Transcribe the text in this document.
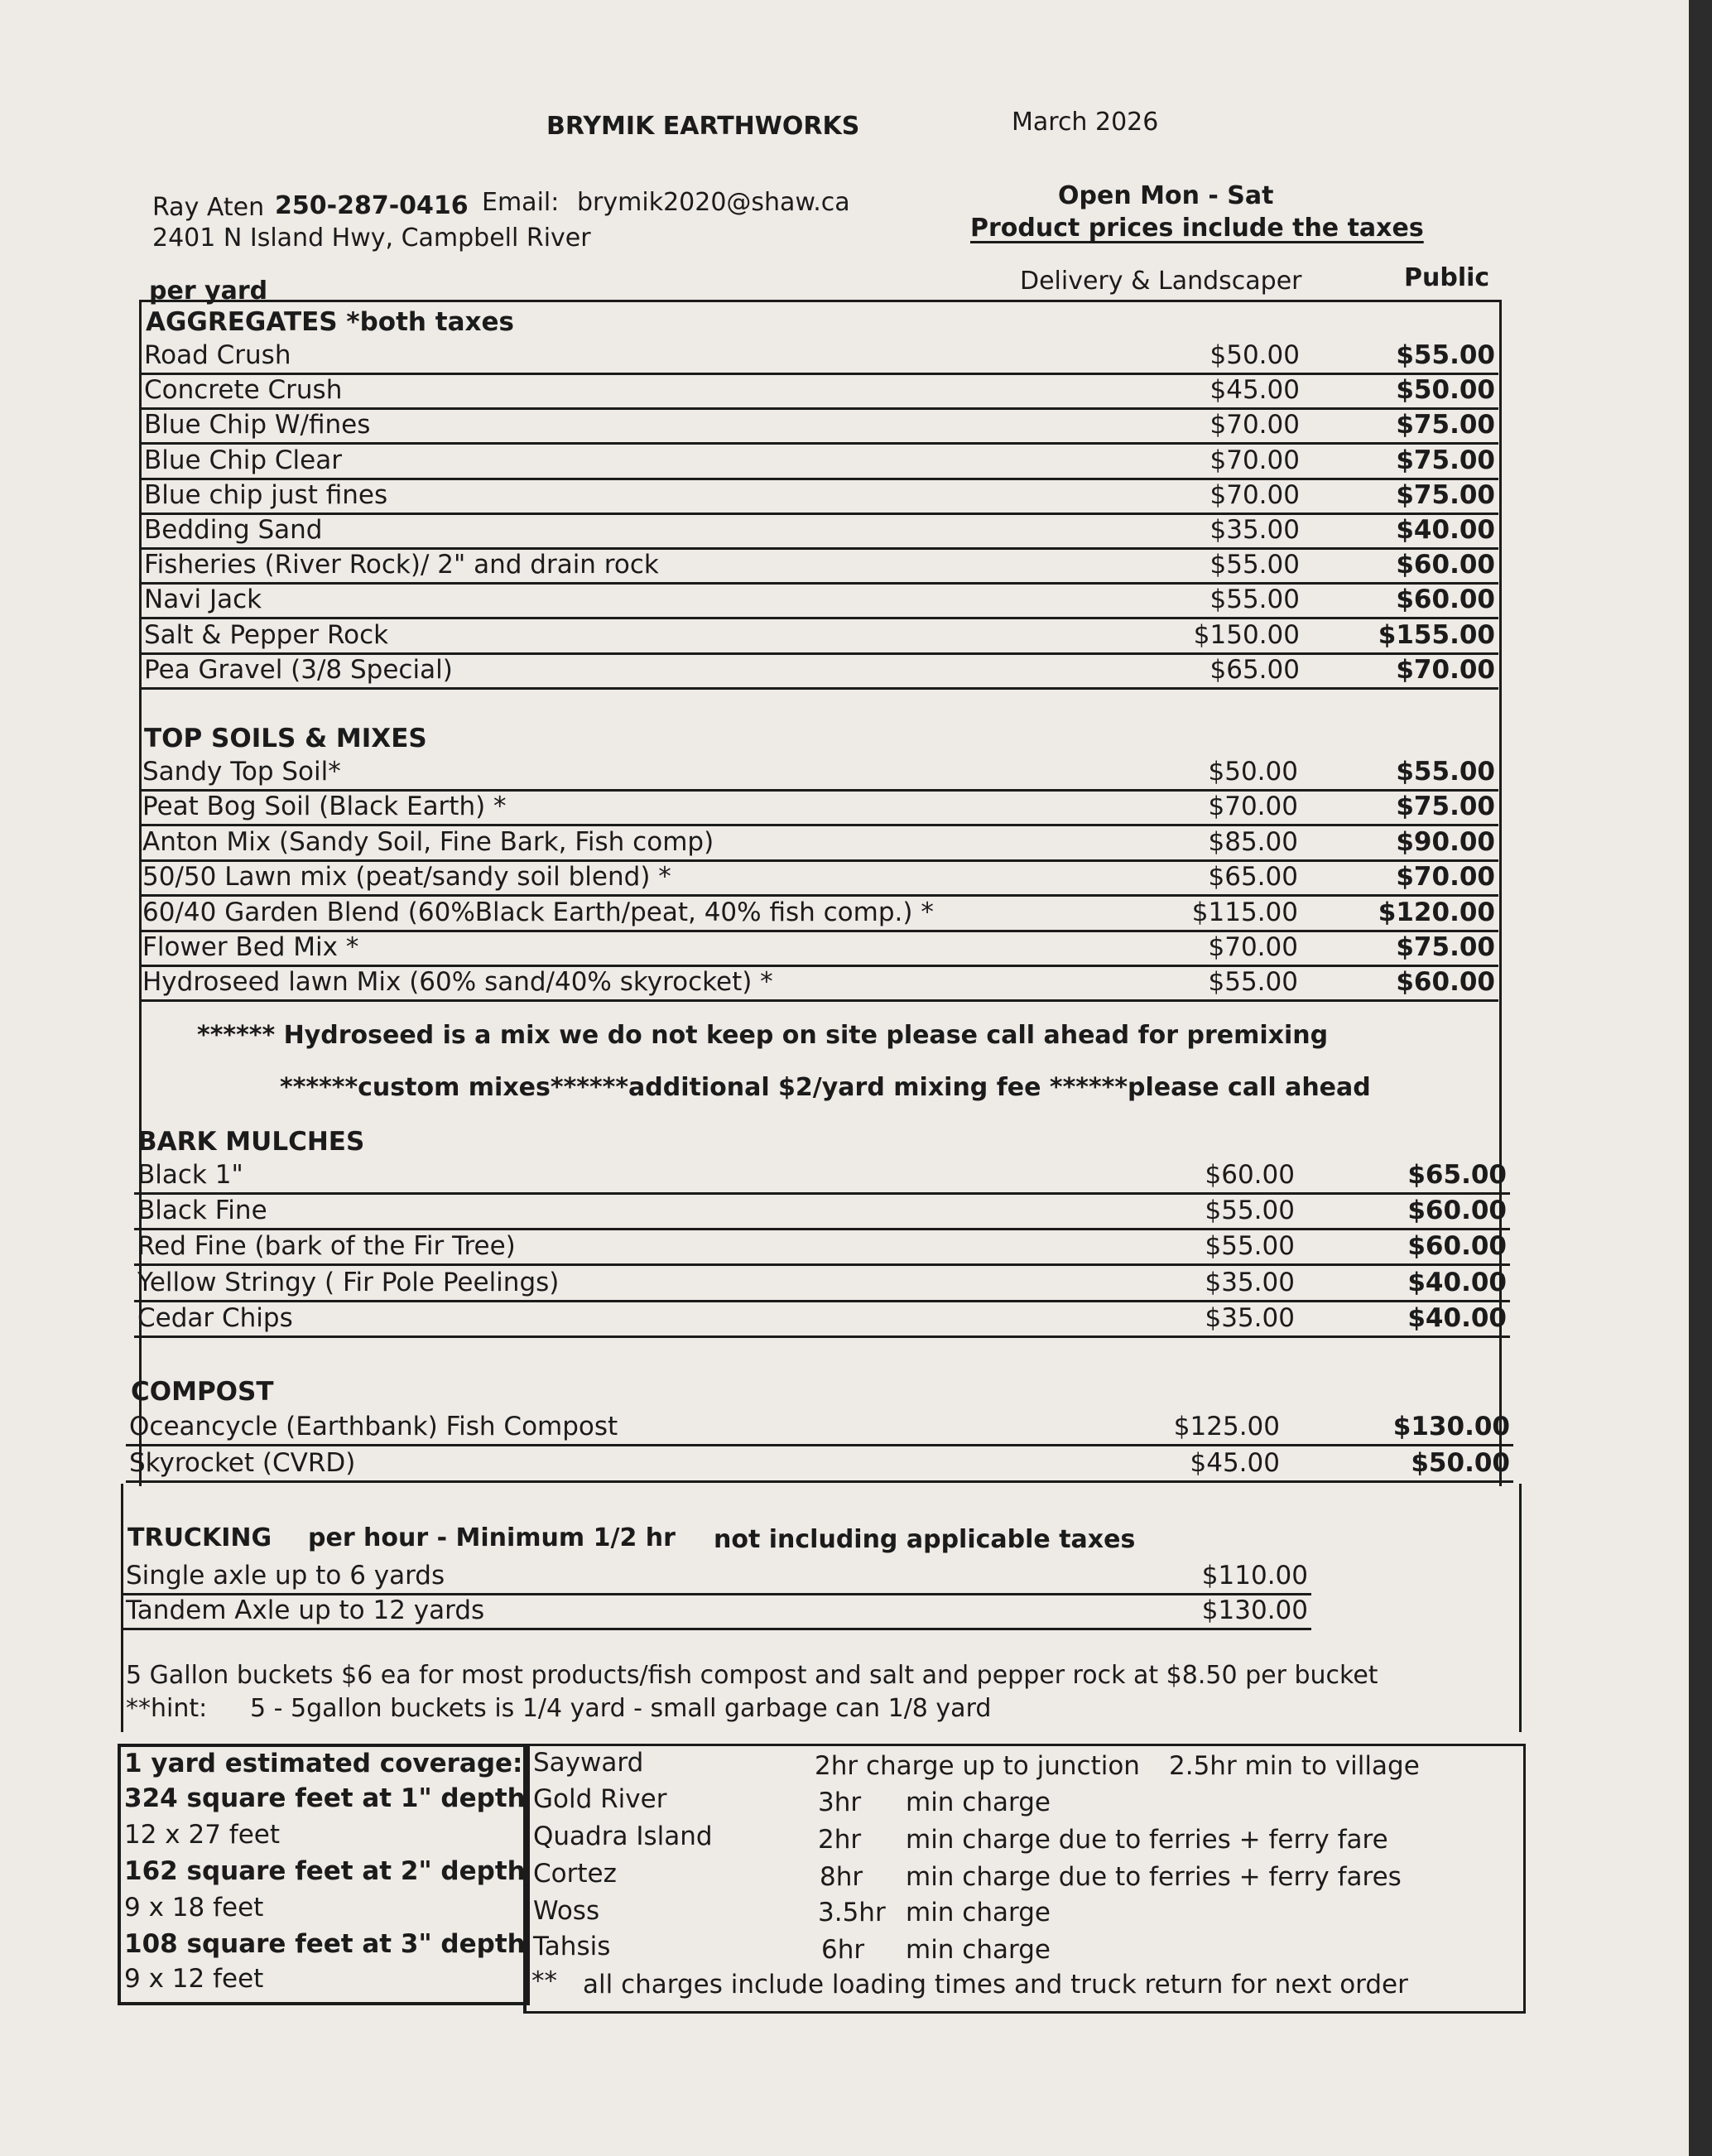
BRYMIK EARTHWORKS	March 2026
Ray Aten 250-287-0416 Email: brymik2020@shaw.ca
2401 N Island Hwy, Campbell River
Open Mon - Sat
Product prices include the taxes
per yard	Delivery & Landscaper	Public
AGGREGATES *both taxes
Road Crush	$50.00	$55.00
Concrete Crush	$45.00	$50.00
Blue Chip W/fines	$70.00	$75.00
Blue Chip Clear	$70.00	$75.00
Blue chip just fines	$70.00	$75.00
Bedding Sand	$35.00	$40.00
Fisheries (River Rock)/ 2" and drain rock	$55.00	$60.00
Navi Jack	$55.00	$60.00
Salt & Pepper Rock	$150.00	$155.00
Pea Gravel (3/8 Special)	$65.00	$70.00
TOP SOILS & MIXES
Sandy Top Soil*	$50.00	$55.00
Peat Bog Soil (Black Earth) *	$70.00	$75.00
Anton Mix (Sandy Soil, Fine Bark, Fish comp)	$85.00	$90.00
50/50 Lawn mix (peat/sandy soil blend) *	$65.00	$70.00
60/40 Garden Blend (60%Black Earth/peat, 40% fish comp.) *	$115.00	$120.00
Flower Bed Mix *	$70.00	$75.00
Hydroseed lawn Mix (60% sand/40% skyrocket) *	$55.00	$60.00
****** Hydroseed is a mix we do not keep on site please call ahead for premixing
******custom mixes******additional $2/yard mixing fee ******please call ahead
BARK MULCHES
Black 1"	$60.00	$65.00
Black Fine	$55.00	$60.00
Red Fine (bark of the Fir Tree)	$55.00	$60.00
Yellow Stringy ( Fir Pole Peelings)	$35.00	$40.00
Cedar Chips	$35.00	$40.00
COMPOST
Oceancycle (Earthbank) Fish Compost	$125.00	$130.00
Skyrocket (CVRD)	$45.00	$50.00
TRUCKING per hour - Minimum 1/2 hr not including applicable taxes
Single axle up to 6 yards	$110.00
Tandem Axle up to 12 yards	$130.00
5 Gallon buckets $6 ea for most products/fish compost and salt and pepper rock at $8.50 per bucket
**hint: 5 - 5gallon buckets is 1/4 yard - small garbage can 1/8 yard
1 yard estimated coverage:
324 square feet at 1" depth
12 x 27 feet
162 square feet at 2" depth
9 x 18 feet
108 square feet at 3" depth
9 x 12 feet
Sayward	2hr charge up to junction 2.5hr min to village
Gold River	3hr min charge
Quadra Island	2hr min charge due to ferries + ferry fare
Cortez	8hr min charge due to ferries + ferry fares
Woss	3.5hr min charge
Tahsis	6hr min charge
** all charges include loading times and truck return for next order
